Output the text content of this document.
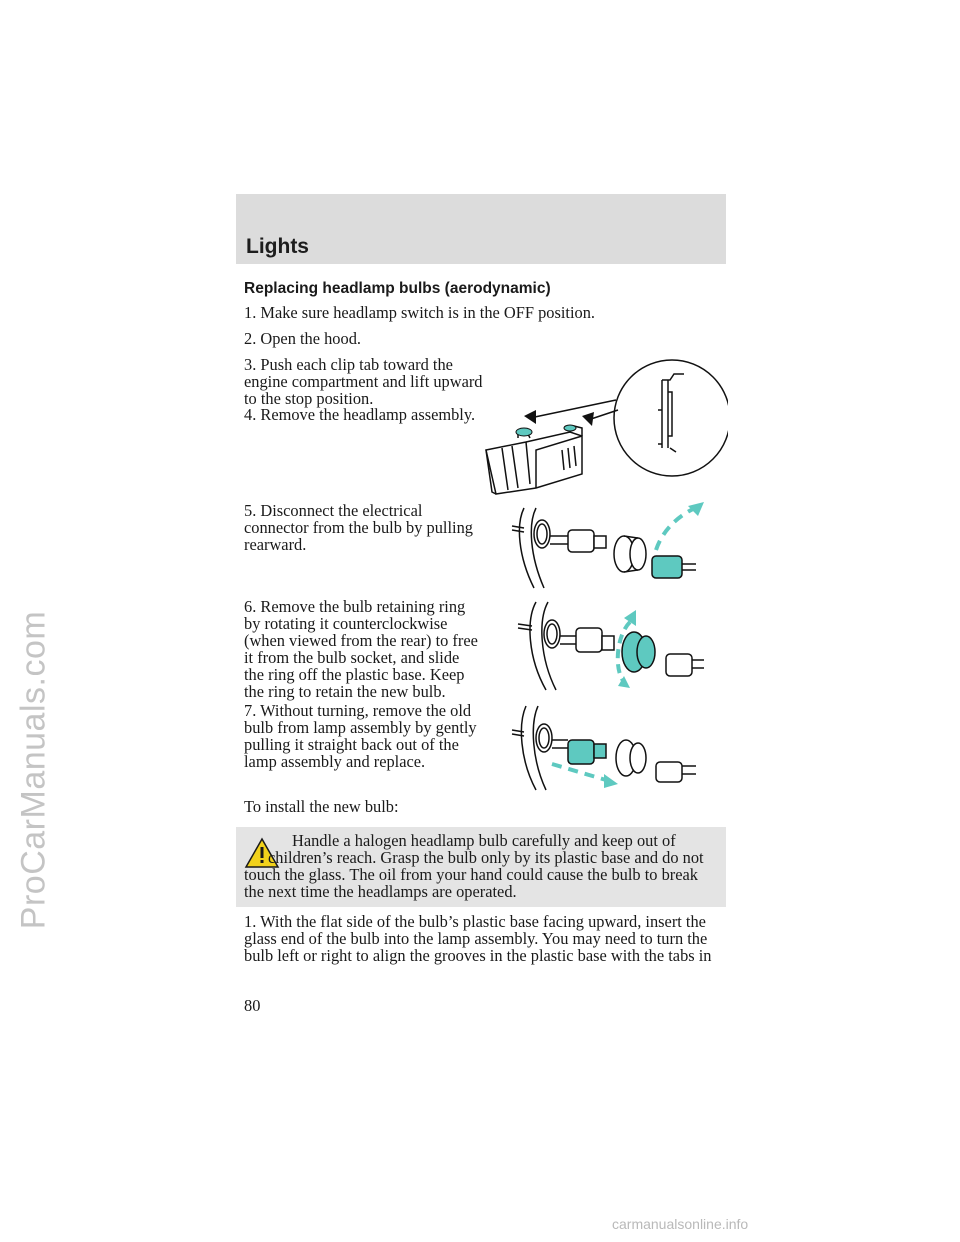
ProCarManuals.com
Lights
Replacing headlamp bulbs (aerodynamic)

1. Make sure headlamp switch is in the OFF position.

2. Open the hood.

3. Push each clip tab toward the engine compartment and lift upward to the stop position.

4. Remove the headlamp assembly.

5. Disconnect the electrical connector from the bulb by pulling rearward.

6. Remove the bulb retaining ring by rotating it counterclockwise (when viewed from the rear) to free it from the bulb socket, and slide the ring off the plastic base. Keep the ring to retain the new bulb.

7. Without turning, remove the old bulb from lamp assembly by gently pulling it straight back out of the lamp assembly and replace.

To install the new bulb:

Handle a halogen headlamp bulb carefully and keep out of children’s reach. Grasp the bulb only by its plastic base and do not touch the glass. The oil from your hand could cause the bulb to break the next time the headlamps are operated.

1. With the flat side of the bulb’s plastic base facing upward, insert the glass end of the bulb into the lamp assembly. You may need to turn the bulb left or right to align the grooves in the plastic base with the tabs in

80
carmanualsonline.info
